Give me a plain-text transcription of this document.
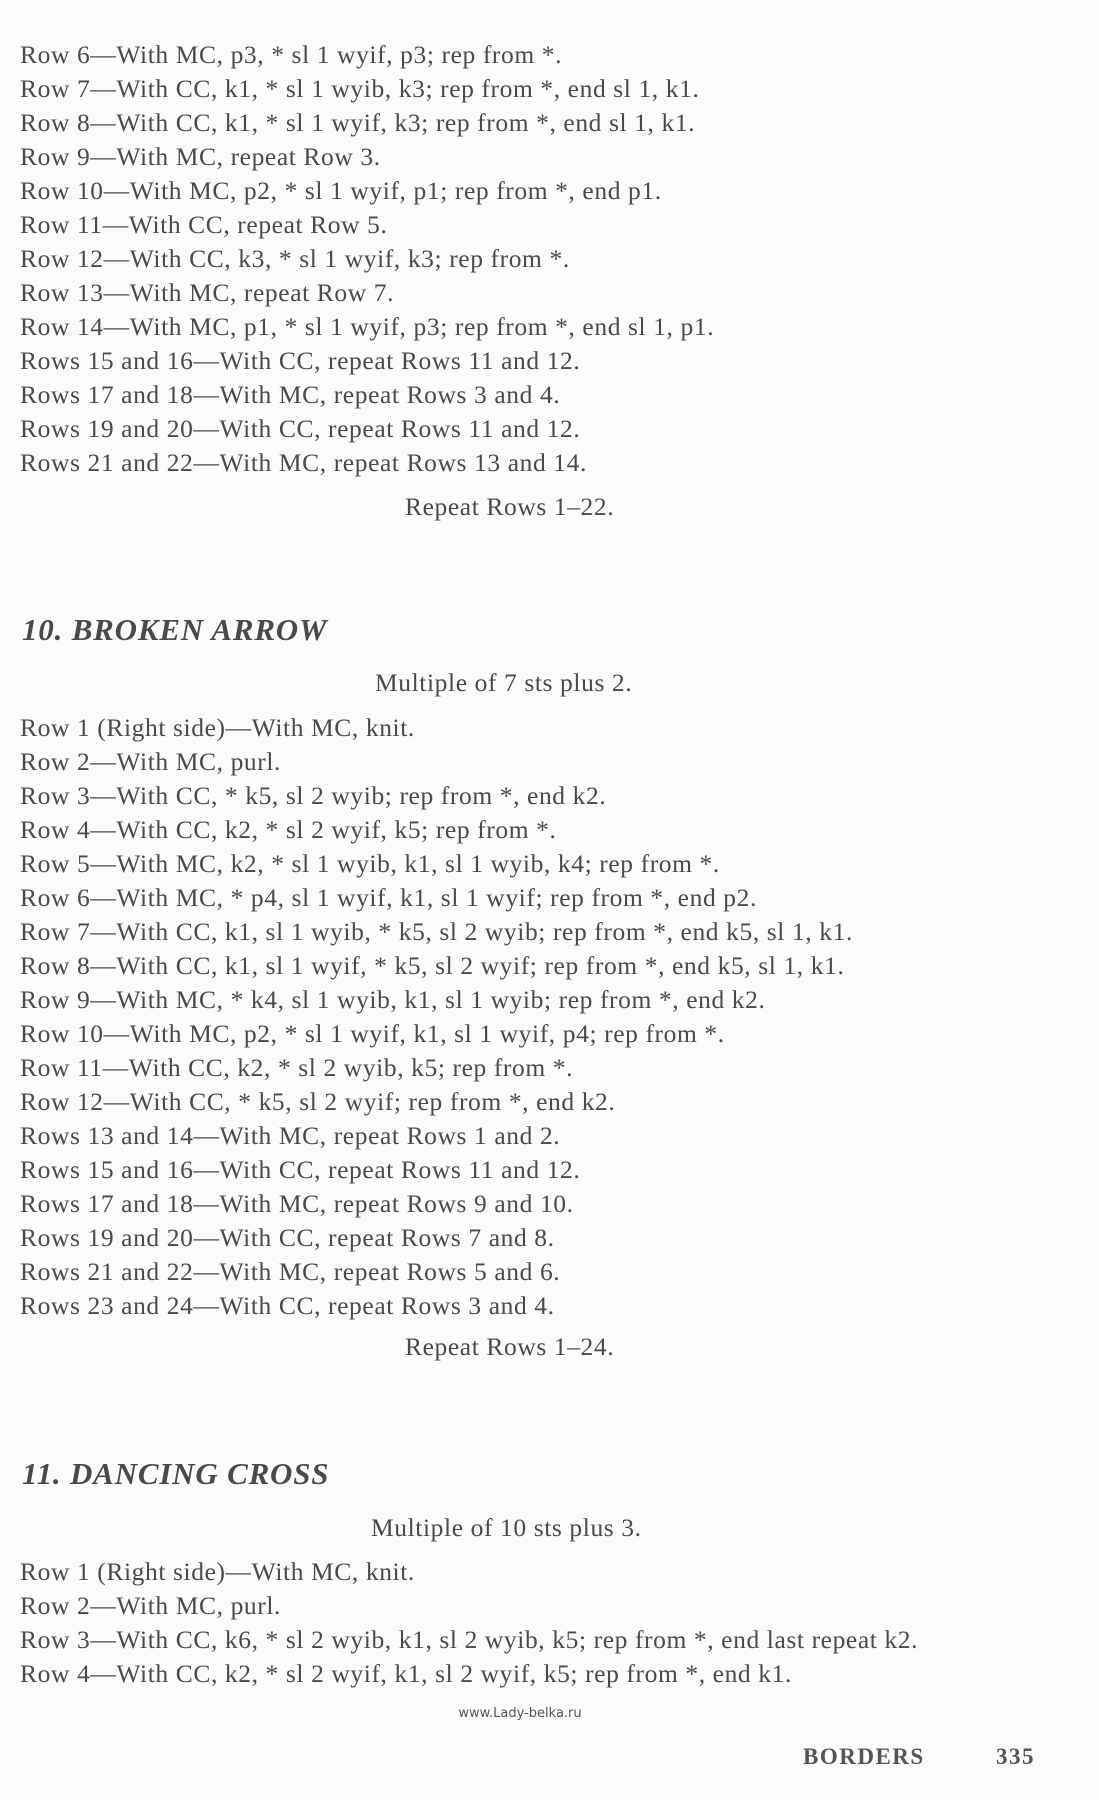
Row 6—With MC, p3, * sl 1 wyif, p3; rep from *.
Row 7—With CC, k1, * sl 1 wyib, k3; rep from *, end sl 1, k1.
Row 8—With CC, k1, * sl 1 wyif, k3; rep from *, end sl 1, k1.
Row 9—With MC, repeat Row 3.
Row 10—With MC, p2, * sl 1 wyif, p1; rep from *, end p1.
Row 11—With CC, repeat Row 5.
Row 12—With CC, k3, * sl 1 wyif, k3; rep from *.
Row 13—With MC, repeat Row 7.
Row 14—With MC, p1, * sl 1 wyif, p3; rep from *, end sl 1, p1.
Rows 15 and 16—With CC, repeat Rows 11 and 12.
Rows 17 and 18—With MC, repeat Rows 3 and 4.
Rows 19 and 20—With CC, repeat Rows 11 and 12.
Rows 21 and 22—With MC, repeat Rows 13 and 14.
Repeat Rows 1–22.
10. BROKEN ARROW
Multiple of 7 sts plus 2.
Row 1 (Right side)—With MC, knit.
Row 2—With MC, purl.
Row 3—With CC, * k5, sl 2 wyib; rep from *, end k2.
Row 4—With CC, k2, * sl 2 wyif, k5; rep from *.
Row 5—With MC, k2, * sl 1 wyib, k1, sl 1 wyib, k4; rep from *.
Row 6—With MC, * p4, sl 1 wyif, k1, sl 1 wyif; rep from *, end p2.
Row 7—With CC, k1, sl 1 wyib, * k5, sl 2 wyib; rep from *, end k5, sl 1, k1.
Row 8—With CC, k1, sl 1 wyif, * k5, sl 2 wyif; rep from *, end k5, sl 1, k1.
Row 9—With MC, * k4, sl 1 wyib, k1, sl 1 wyib; rep from *, end k2.
Row 10—With MC, p2, * sl 1 wyif, k1, sl 1 wyif, p4; rep from *.
Row 11—With CC, k2, * sl 2 wyib, k5; rep from *.
Row 12—With CC, * k5, sl 2 wyif; rep from *, end k2.
Rows 13 and 14—With MC, repeat Rows 1 and 2.
Rows 15 and 16—With CC, repeat Rows 11 and 12.
Rows 17 and 18—With MC, repeat Rows 9 and 10.
Rows 19 and 20—With CC, repeat Rows 7 and 8.
Rows 21 and 22—With MC, repeat Rows 5 and 6.
Rows 23 and 24—With CC, repeat Rows 3 and 4.
Repeat Rows 1–24.
11. DANCING CROSS
Multiple of 10 sts plus 3.
Row 1 (Right side)—With MC, knit.
Row 2—With MC, purl.
Row 3—With CC, k6, * sl 2 wyib, k1, sl 2 wyib, k5; rep from *, end last repeat k2.
Row 4—With CC, k2, * sl 2 wyif, k1, sl 2 wyif, k5; rep from *, end k1.
www.Lady-belka.ru
BORDERS	335
